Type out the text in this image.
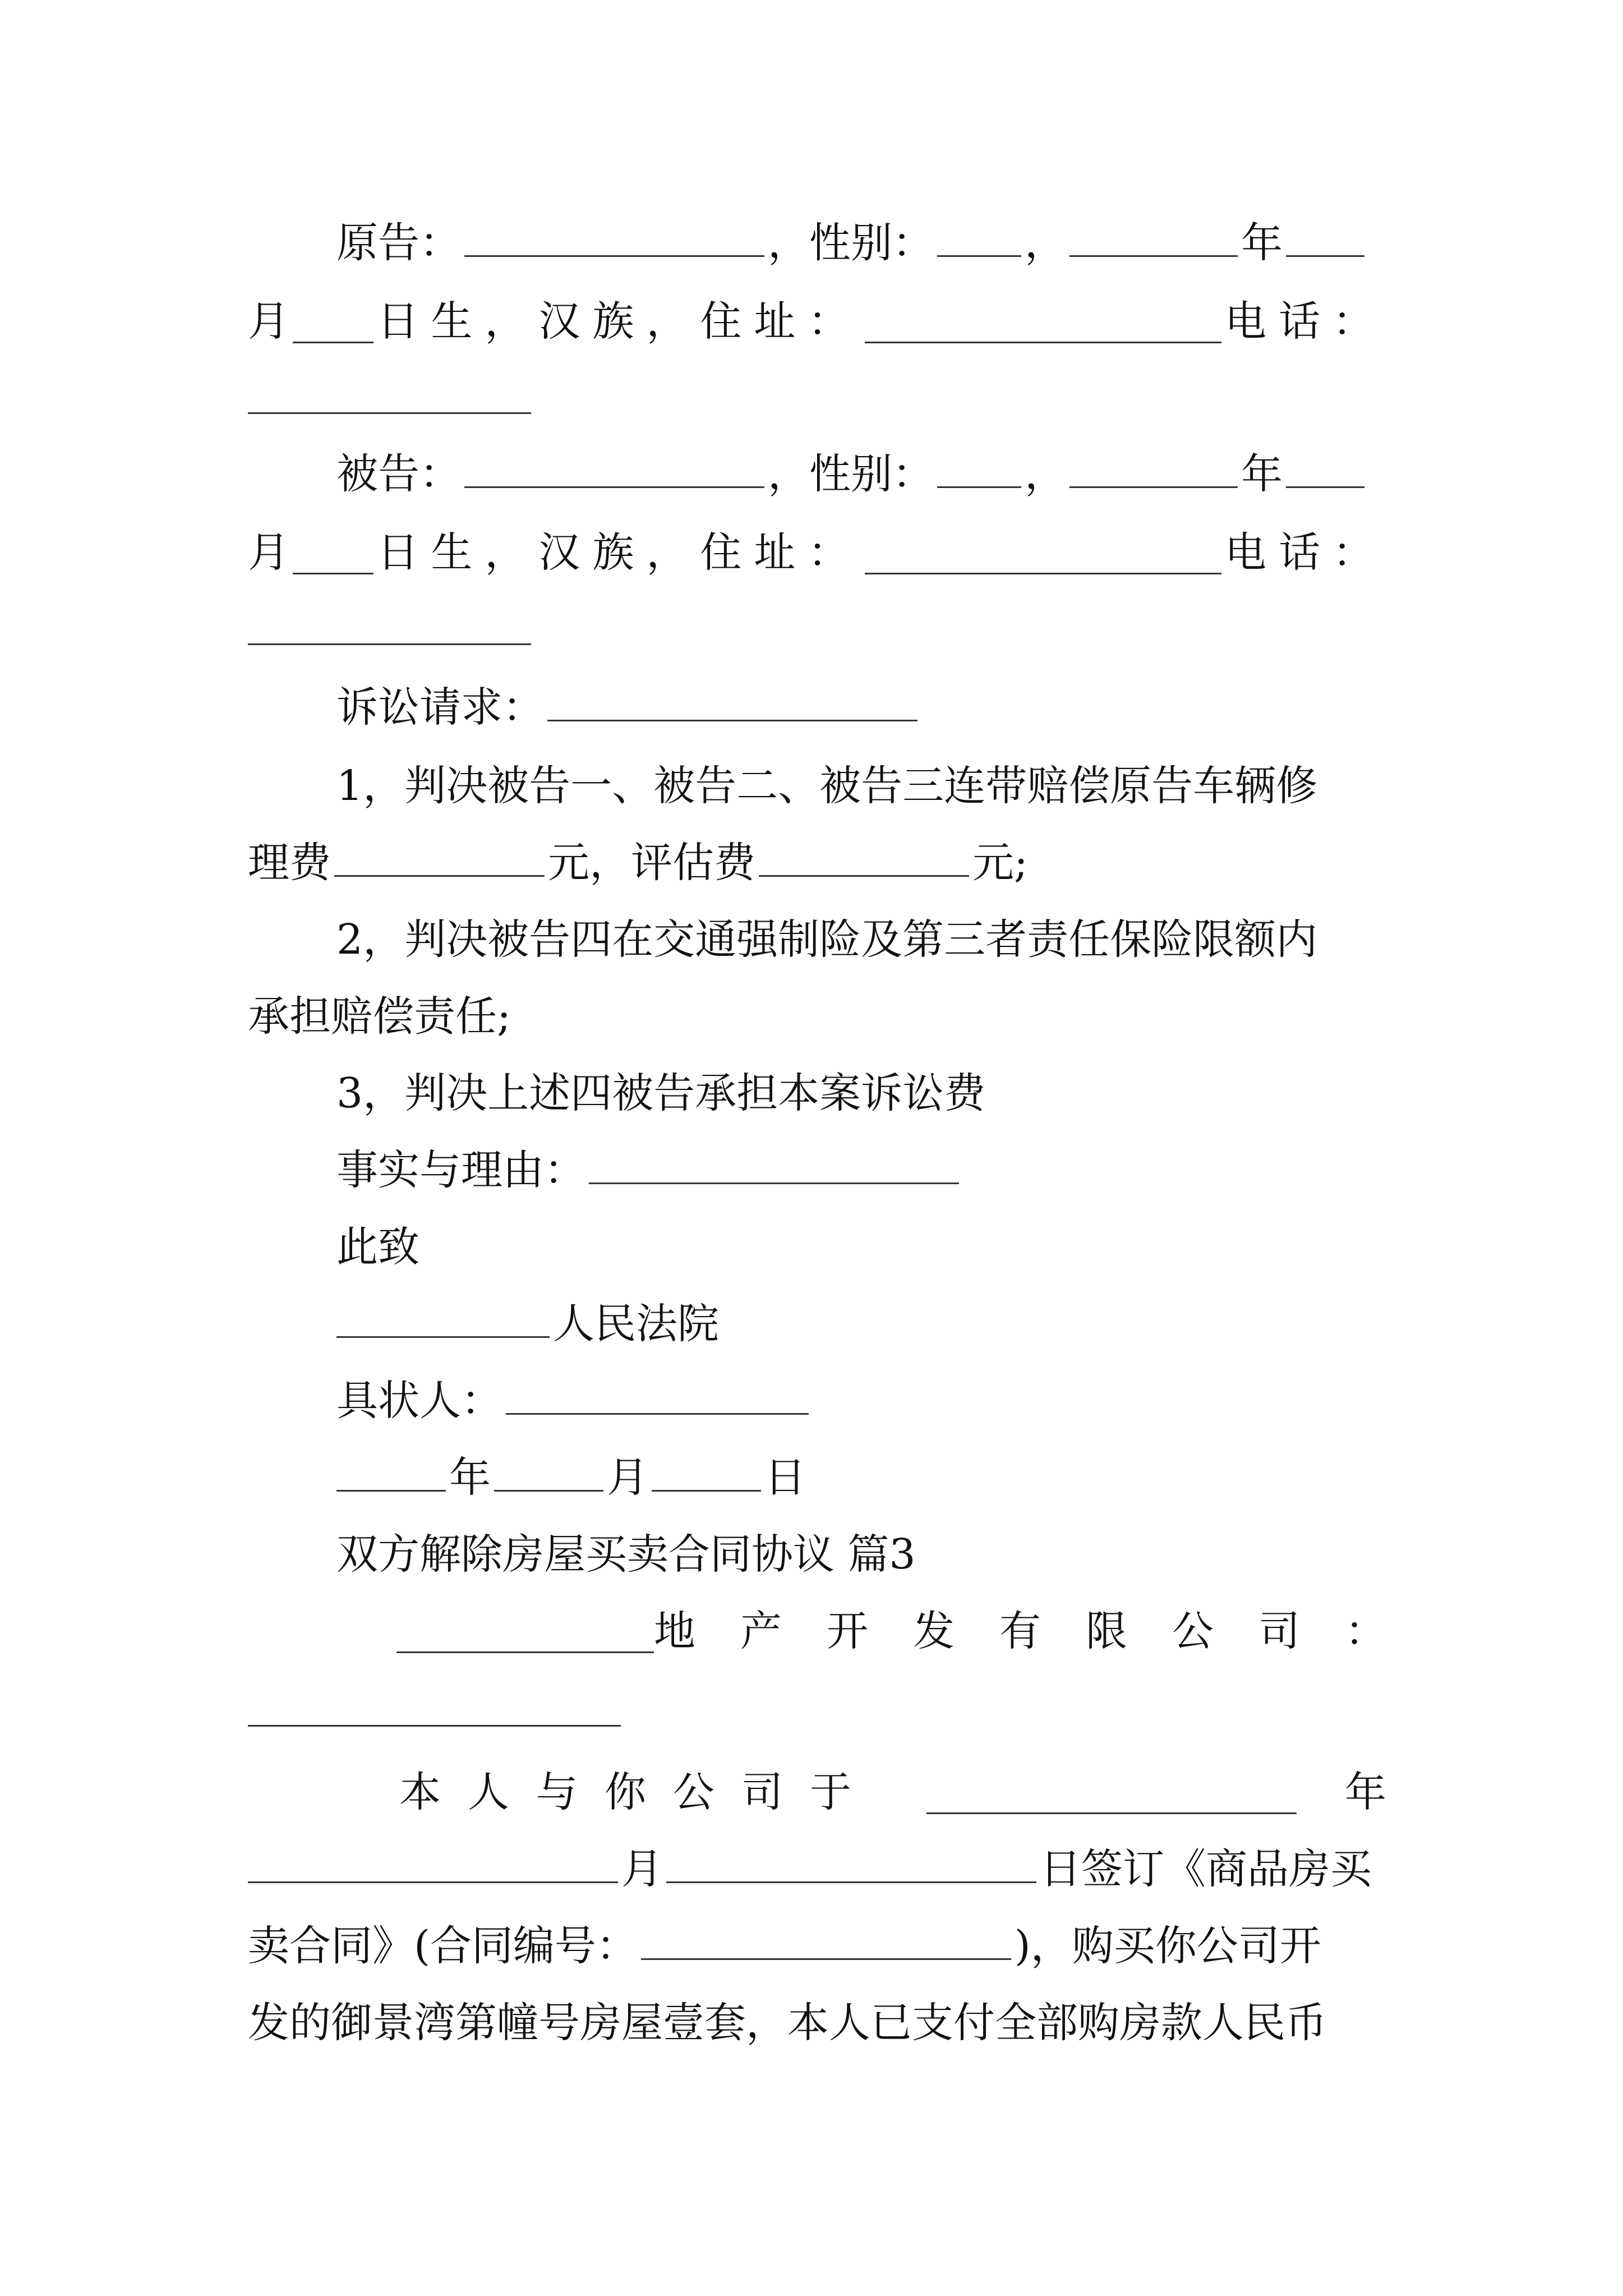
原告：	，性别： ，	年
月 日生，汉族，住址：	电话：
被告：	，性别： ，	年
月 日生，汉族，住址：	电话：
诉讼请求：
1，判决被告一、被告二、被告三连带赔偿原告车辆修
理费	元，评估费	元;
2，判决被告四在交通强制险及第三者责任保险限额内
承担赔偿责任;
3，判决上述四被告承担本案诉讼费
事实与理由：
此致
人民法院
具状人：
年	月	日
双方解除房屋买卖合同协议 篇3
地产开发有限公司 ：
本人与你公司于	年
月	日签订《商品房买
卖合同》(合同编号：	)，购买你公司开
发的御景湾第幢号房屋壹套，本人已支付全部购房款人民币
